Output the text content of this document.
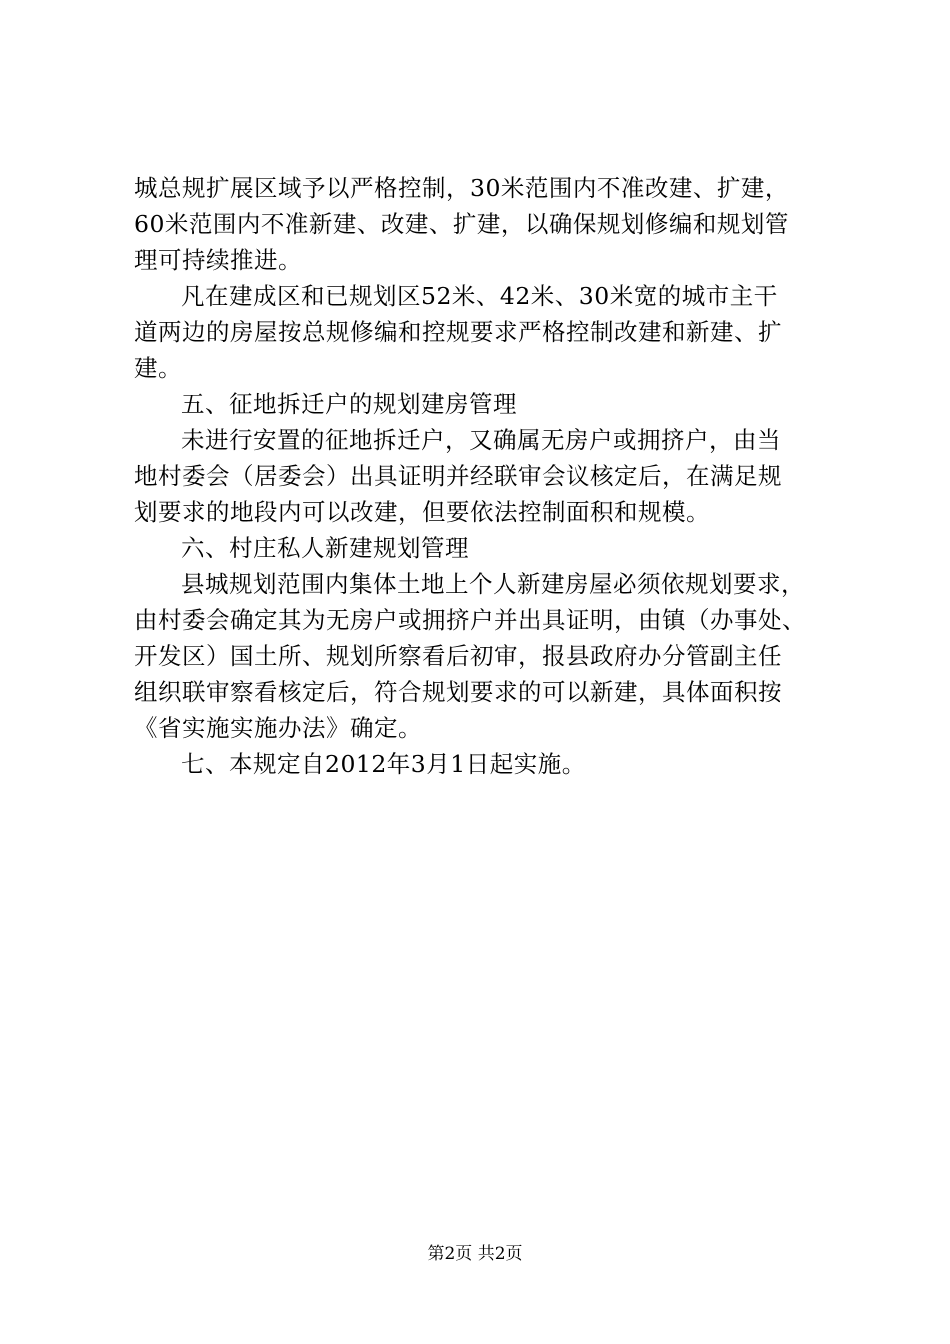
城总规扩展区域予以严格控制，30米范围内不准改建、扩建，
60米范围内不准新建、改建、扩建，以确保规划修编和规划管
理可持续推进。
凡在建成区和已规划区52米、42米、30米宽的城市主干
道两边的房屋按总规修编和控规要求严格控制改建和新建、扩
建。
五、征地拆迁户的规划建房管理
未进行安置的征地拆迁户，又确属无房户或拥挤户，由当
地村委会（居委会）出具证明并经联审会议核定后，在满足规
划要求的地段内可以改建，但要依法控制面积和规模。
六、村庄私人新建规划管理
县城规划范围内集体土地上个人新建房屋必须依规划要求，
由村委会确定其为无房户或拥挤户并出具证明，由镇（办事处、
开发区）国土所、规划所察看后初审，报县政府办分管副主任
组织联审察看核定后，符合规划要求的可以新建，具体面积按
《省实施实施办法》确定。
七、本规定自2012年3月1日起实施。
第2页 共2页
